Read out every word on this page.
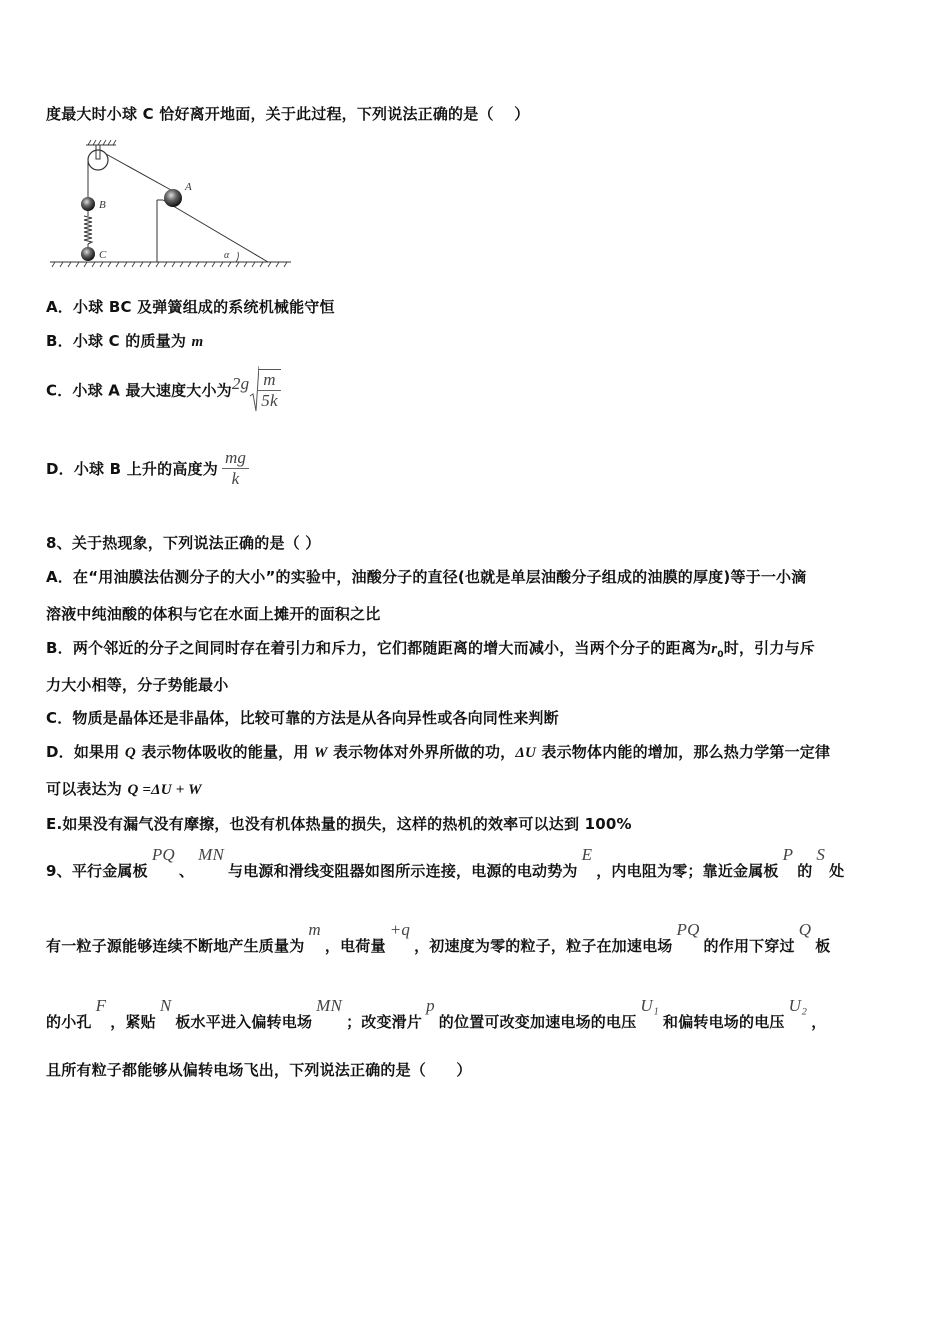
度最大时小球 C 恰好离开地面，关于此过程，下列说法正确的是（　 ）
B
C
A
α
A．小球 BC 及弹簧组成的系统机械能守恒
B．小球 C 的质量为 m
C．小球 A 最大速度大小为$2g \frac{m}{5k}$
D．小球 B 上升的高度为 $\frac{mg}{k}$
8、关于热现象，下列说法正确的是（ ）
A．在“用油膜法估测分子的大小”的实验中，油酸分子的直径(也就是单层油酸分子组成的油膜的厚度)等于一小滴
溶液中纯油酸的体积与它在水面上摊开的面积之比
B．两个邻近的分子之间同时存在着引力和斥力，它们都随距离的增大而减小，当两个分子的距离为$r_0$时，引力与斥
力大小相等，分子势能最小
C．物质是晶体还是非晶体，比较可靠的方法是从各向异性或各向同性来判断
D．如果用 Q 表示物体吸收的能量，用 W 表示物体对外界所做的功，ΔU 表示物体内能的增加，那么热力学第一定律
可以表达为 Q =ΔU + W
E.如果没有漏气没有摩擦，也没有机体热量的损失，这样的热机的效率可以达到 100%
9、平行金属板PQ、MN与电源和滑线变阻器如图所示连接，电源的电动势为E，内电阻为零；靠近金属板P的S处
有一粒子源能够连续不断地产生质量为m，电荷量+q，初速度为零的粒子，粒子在加速电场PQ的作用下穿过Q板
的小孔F，紧贴N板水平进入偏转电场MN；改变滑片p的位置可改变加速电场的电压U₁和偏转电场的电压U₂，
且所有粒子都能够从偏转电场飞出，下列说法正确的是（　　）
